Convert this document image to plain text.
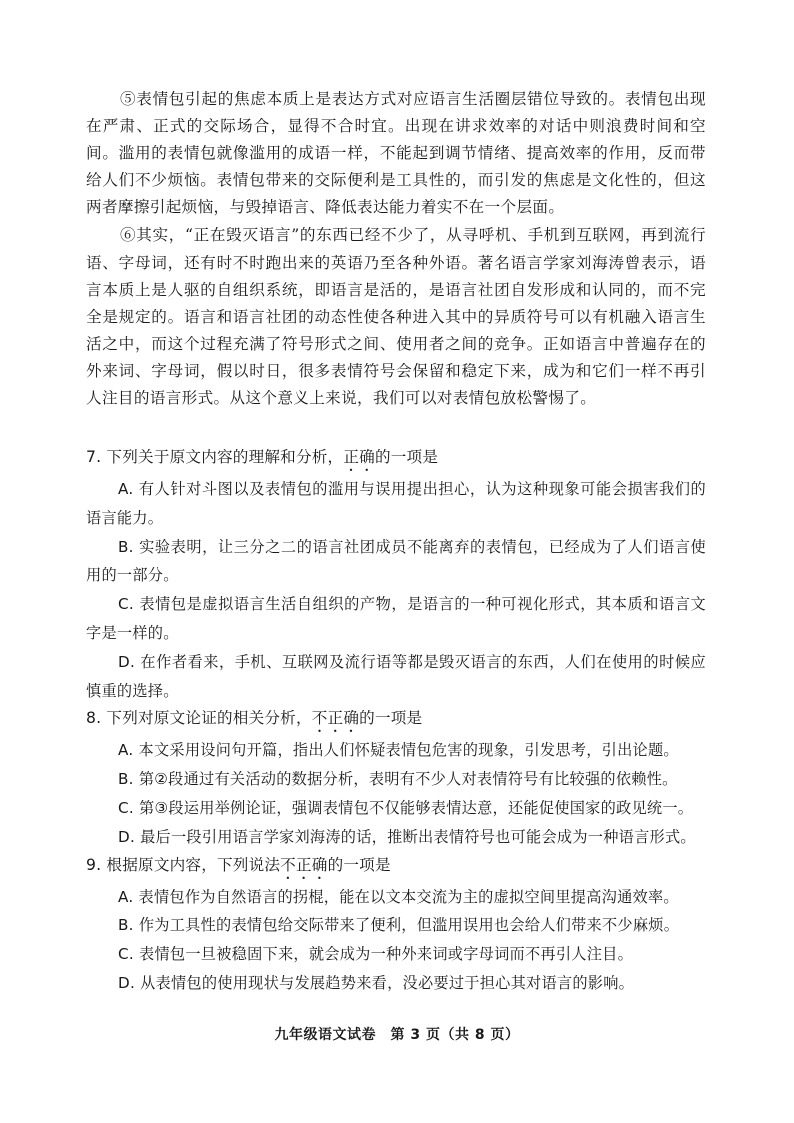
⑤表情包引起的焦虑本质上是表达方式对应语言生活圈层错位导致的。表情包出现在严肃、正式的交际场合，显得不合时宜。出现在讲求效率的对话中则浪费时间和空间。滥用的表情包就像滥用的成语一样，不能起到调节情绪、提高效率的作用，反而带给人们不少烦恼。表情包带来的交际便利是工具性的，而引发的焦虑是文化性的，但这两者摩擦引起烦恼，与毁掉语言、降低表达能力着实不在一个层面。

⑥其实，“正在毁灭语言”的东西已经不少了，从寻呼机、手机到互联网，再到流行语、字母词，还有时不时跑出来的英语乃至各种外语。著名语言学家刘海涛曾表示，语言本质上是人驱的自组织系统，即语言是活的，是语言社团自发形成和认同的，而不完全是规定的。语言和语言社团的动态性使各种进入其中的异质符号可以有机融入语言生活之中，而这个过程充满了符号形式之间、使用者之间的竞争。正如语言中普遍存在的外来词、字母词，假以时日，很多表情符号会保留和稳定下来，成为和它们一样不再引人注目的语言形式。从这个意义上来说，我们可以对表情包放松警惕了。

7. 下列关于原文内容的理解和分析，正确的一项是

A. 有人针对斗图以及表情包的滥用与误用提出担心，认为这种现象可能会损害我们的语言能力。

B. 实验表明，让三分之二的语言社团成员不能离弃的表情包，已经成为了人们语言使用的一部分。

C. 表情包是虚拟语言生活自组织的产物，是语言的一种可视化形式，其本质和语言文字是一样的。

D. 在作者看来，手机、互联网及流行语等都是毁灭语言的东西，人们在使用的时候应慎重的选择。

8. 下列对原文论证的相关分析，不正确的一项是

A. 本文采用设问句开篇，指出人们怀疑表情包危害的现象，引发思考，引出论题。

B. 第②段通过有关活动的数据分析，表明有不少人对表情符号有比较强的依赖性。

C. 第③段运用举例论证，强调表情包不仅能够表情达意，还能促使国家的政见统一。

D. 最后一段引用语言学家刘海涛的话，推断出表情符号也可能会成为一种语言形式。

9. 根据原文内容，下列说法不正确的一项是

A. 表情包作为自然语言的拐棍，能在以文本交流为主的虚拟空间里提高沟通效率。

B. 作为工具性的表情包给交际带来了便利，但滥用误用也会给人们带来不少麻烦。

C. 表情包一旦被稳固下来，就会成为一种外来词或字母词而不再引人注目。

D. 从表情包的使用现状与发展趋势来看，没必要过于担心其对语言的影响。

九年级语文试卷　第 3 页（共 8 页）
